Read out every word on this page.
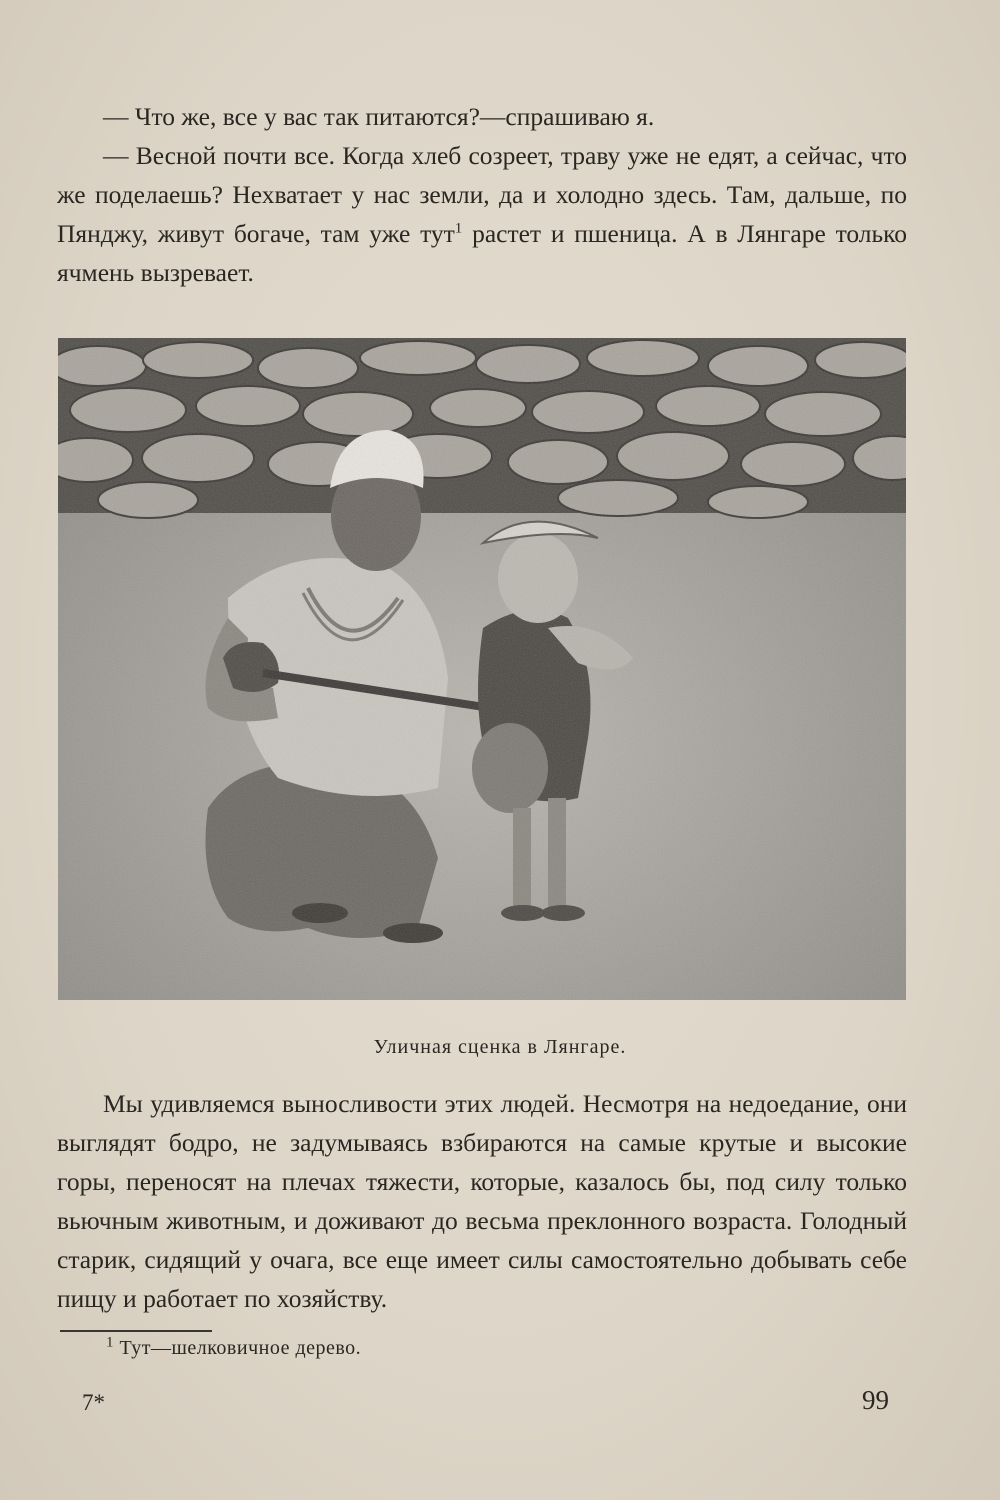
— Что же, все у вас так питаются?—спрашиваю я.

— Весной почти все. Когда хлеб созреет, траву уже не едят, а сейчас, что же поделаешь? Нехватает у нас земли, да и холодно здесь. Там, дальше, по Пянджу, живут богаче, там уже тут$^1$ растет и пшеница. А в Лянгаре только ячмень вызревает.

Уличная сценка в Лянгаре.

Мы удивляемся выносливости этих людей. Несмотря на недоедание, они выглядят бодро, не задумываясь взбираются на самые крутые и высокие горы, переносят на плечах тяжести, которые, казалось бы, под силу только вьючным животным, и доживают до весьма преклонного возраста. Голодный старик, сидящий у очага, все еще имеет силы самостоятельно добывать себе пищу и работает по хозяйству.

$^1$ Тут—шелковичное дерево.
7*	99
